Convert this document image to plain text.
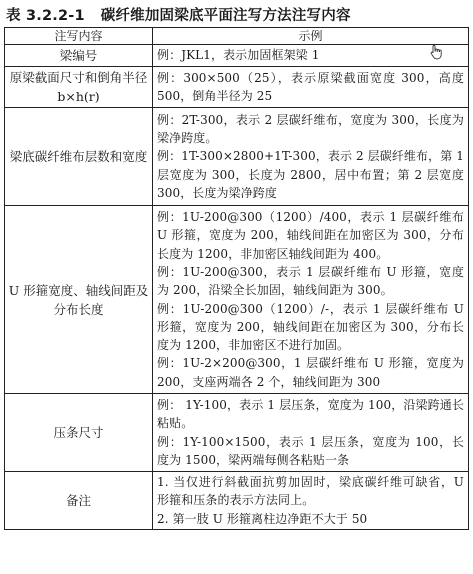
表 3.2.2-1 碳纤维加固梁底平面注写方法注写内容
注写内容	示例
梁编号	例：JKL1，表示加固框架梁 1

原梁截面尺寸和倒角半径 b×h(r)	例：300×500（25），表示原梁截面宽度 300，高度 500，倒角半径为 25

梁底碳纤维布层数和宽度	例：2T-300，表示 2 层碳纤维布，宽度为 300，长度为梁净跨度。
例：1T-300×2800+1T-300，表示 2 层碳纤维布，第 1 层宽度为 300，长度为 2800，居中布置；第 2 层宽度 300，长度为梁净跨度

U 形箍宽度、轴线间距及分布长度	例：1U-200@300（1200）/400，表示 1 层碳纤维布 U 形箍，宽度为 200，轴线间距在加密区为 300，分布长度为 1200，非加密区轴线间距为 400。
例：1U-200@300，表示 1 层碳纤维布 U 形箍，宽度为 200，沿梁全长加固，轴线间距为 300。
例：1U-200@300（1200）/-，表示 1 层碳纤维布 U 形箍，宽度为 200，轴线间距在加密区为 300，分布长度为 1200，非加密区不进行加固。
例：1U-2×200@300，1 层碳纤维布 U 形箍，宽度为 200，支座两端各 2 个，轴线间距为 300

压条尺寸	例： 1Y-100，表示 1 层压条，宽度为 100，沿梁跨通长粘贴。
例：1Y-100×1500，表示 1 层压条，宽度为 100，长度为 1500，梁两端每侧各粘贴一条

备注	1. 当仅进行斜截面抗剪加固时，梁底碳纤维可缺省，U 形箍和压条的表示方法同上。
2. 第一肢 U 形箍离柱边净距不大于 50
